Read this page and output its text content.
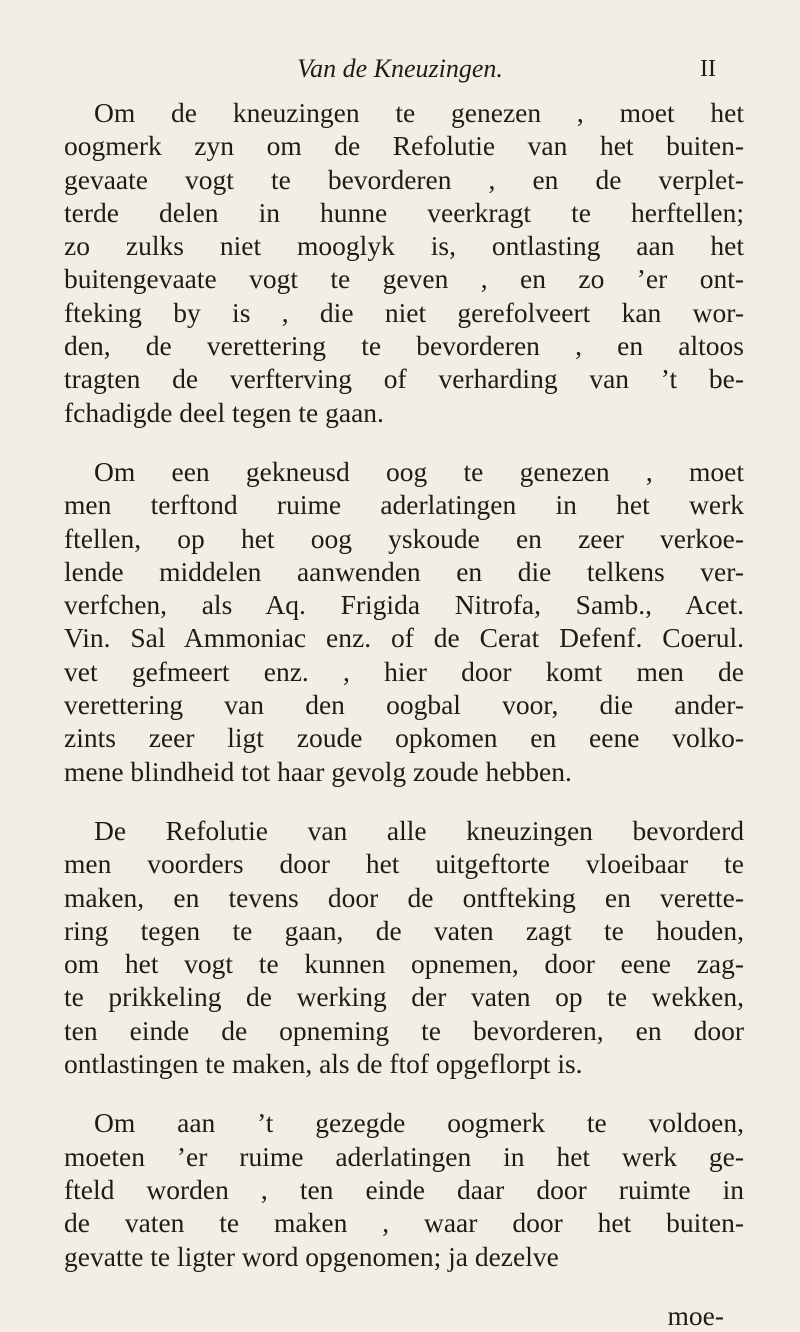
Van de Kneuzingen.	II

Om de kneuzingen te genezen , moet het
oogmerk zyn om de Refolutie van het buiten-
gevaate vogt te bevorderen , en de verplet-
terde delen in hunne veerkragt te herftellen;
zo zulks niet mooglyk is, ontlasting aan het
buitengevaate vogt te geven , en zo ’er ont-
fteking by is , die niet gerefolveert kan wor-
den, de verettering te bevorderen , en altoos
tragten de verfterving of verharding van ’t be-
fchadigde deel tegen te gaan.

Om een gekneusd oog te genezen , moet
men terftond ruime aderlatingen in het werk
ftellen, op het oog yskoude en zeer verkoe-
lende middelen aanwenden en die telkens ver-
verfchen, als Aq. Frigida Nitrofa, Samb., Acet.
Vin. Sal Ammoniac enz. of de Cerat Defenf. Coerul.
vet gefmeert enz. , hier door komt men de
verettering van den oogbal voor, die ander-
zints zeer ligt zoude opkomen en eene volko-
mene blindheid tot haar gevolg zoude hebben.

De Refolutie van alle kneuzingen bevorderd
men voorders door het uitgeftorte vloeibaar te
maken, en tevens door de ontfteking en verette-
ring tegen te gaan, de vaten zagt te houden,
om het vogt te kunnen opnemen, door eene zag-
te prikkeling de werking der vaten op te wekken,
ten einde de opneming te bevorderen, en door
ontlastingen te maken, als de ftof opgeflorpt is.

Om aan ’t gezegde oogmerk te voldoen,
moeten ’er ruime aderlatingen in het werk ge-
fteld worden , ten einde daar door ruimte in
de vaten te maken , waar door het buiten-
gevatte te ligter word opgenomen; ja dezelve

moe-
